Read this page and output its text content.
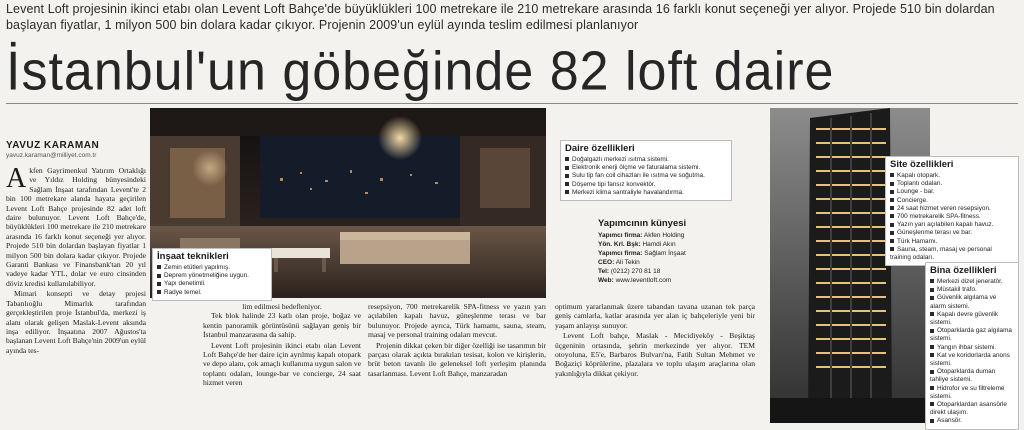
Levent Loft projesinin ikinci etabı olan Levent Loft Bahçe'de büyüklükleri 100 metrekare ile 210 metrekare arasında 16 farklı konut seçeneği yer alıyor. Projede 510 bin dolardan başlayan fiyatlar, 1 milyon 500 bin dolara kadar çıkıyor. Projenin 2009'un eylül ayında teslim edilmesi planlanıyor
İstanbul'un göbeğinde 82 loft daire
YAVUZ KARAMAN
yavuz.karaman@milliyet.com.tr

Akfen Gayrimenkul Yatırım Ortaklığı ve Yıldız Holding bünyesindeki Sağlam İnşaat tarafından Levent'te 2 bin 100 metrekare alanda hayata geçirilen Levent Loft Bahçe projesinde 82 adet loft daire bulunuyor. Levent Loft Bahçe'de, büyüklükleri 100 metrekare ile 210 metrekare arasında 16 farklı konut seçeneği yer alıyor. Projede 510 bin dolardan başlayan fiyatlar 1 milyon 500 bin dolara kadar çıkıyor. Projede Garanti Bankası ve Finansbank'tan 20 yıl vadeye kadar YTL, dolar ve euro cinsinden döviz kredisi kullanılabiliyor.

Mimari konsepti ve detay projesi Tabanlıoğlu Mimarlık tarafından gerçekleştirilen proje İstanbul'da, merkezi iş alanı olarak gelişen Maslak-Levent aksında inşa ediliyor. İnşaatına 2007 Ağustos'ta başlanan Levent Loft Bahçe'nin 2009'un eylül ayında tes-

İnşaat teknikleri
Zemin etütleri yapılmış.
Deprem yönetmeliğine uygun.
Yapı denetimli.
Radye temel.

lim edilmesi hedefleniyor.

Tek blok halinde 23 katlı olan proje, boğaz ve kentin panoramik görüntüsünü sağlayan geniş bir İstanbul manzarasına da sahip.

Levent Loft projesinin ikinci etabı olan Levent Loft Bahçe'de her daire için ayrılmış kapalı otopark ve depo alanı, çok amaçlı kullanıma uygun salon ve toplantı odaları, lounge-bar ve concierge, 24 saat hizmet veren

resepsiyon, 700 metrekarelik SPA-fitness ve yazın yarı açılabilen kapalı havuz, güneşlenme terası ve bar bulunuyor. Projede ayrıca, Türk hamamı, sauna, steam, masaj ve personal training odaları mevcut.

Projenin dikkat çeken bir diğer özelliği ise tasarımın bir parçası olarak açıkta bırakılan tesisat, kolon ve kirişlerin, brüt beton tavanlı ile geleneksel loft yerleşim planında tasarlanması. Levent Loft Bahçe, manzaradan

Daire özellikleri
Doğalgazlı merkezi ısıtma sistemi.
Elektronik enerji ölçme ve faturalama sistemi.
Sulu tip fan coil cihazları ile ısıtma ve soğutma.
Döşeme tipi fansız konvektör.
Merkezi klima santraliyle havalandırma.
Yapımcının künyesi
Yapımcı firma: Akfen Holding
Yön. Krl. Bşk: Hamdi Akın
Yapımcı firma: Sağlam İnşaat
CEO: Ali Tekin
Tel: (0212) 270 81 18
Web: www.leventloft.com

optimum yararlanmak üzere tabandan tavana uzanan tek parça geniş camlarla, katlar arasında yer alan iç bahçeleriyle yeni bir yaşam anlayışı sunuyor.

Levent Loft bahçe, Maslak - Mecidiyeköy - Beşiktaş üçgeninin ortasında, şehrin merkezinde yer alıyor. TEM otoyoluna, E5'e, Barbaros Bulvarı'na, Fatih Sultan Mehmet ve Boğaziçi köprülerine, plazalara ve toplu ulaşım araçlarına olan yakınlığıyla dikkat çekiyor.

Site özellikleri
Kapalı otopark.
Toplantı odaları.
Lounge - bar.
Concierge.
24 saat hizmet veren resepsiyon.
700 metrekarelik SPA-fitness.
Yazın yarı açılabilen kapalı havuz.
Güneşlenme terası ve bar.
Türk Hamamı.
Sauna, steam, masaj ve personal training odaları.
Bina özellikleri
Merkezi dizel jeneratör.
Müstakil trafo.
Güvenlik algılama ve alarm sistemi.
Kapalı devre güvenlik sistemi.
Otoparklarda gaz algılama sistemi.
Yangın ihbar sistemi.
Kat ve koridorlarda anons sistemi.
Otoparklarda duman tahliye sistemi.
Hidrofor ve su filtreleme sistemi.
Otoparklardan asansörle direkt ulaşım.
Asansör.
